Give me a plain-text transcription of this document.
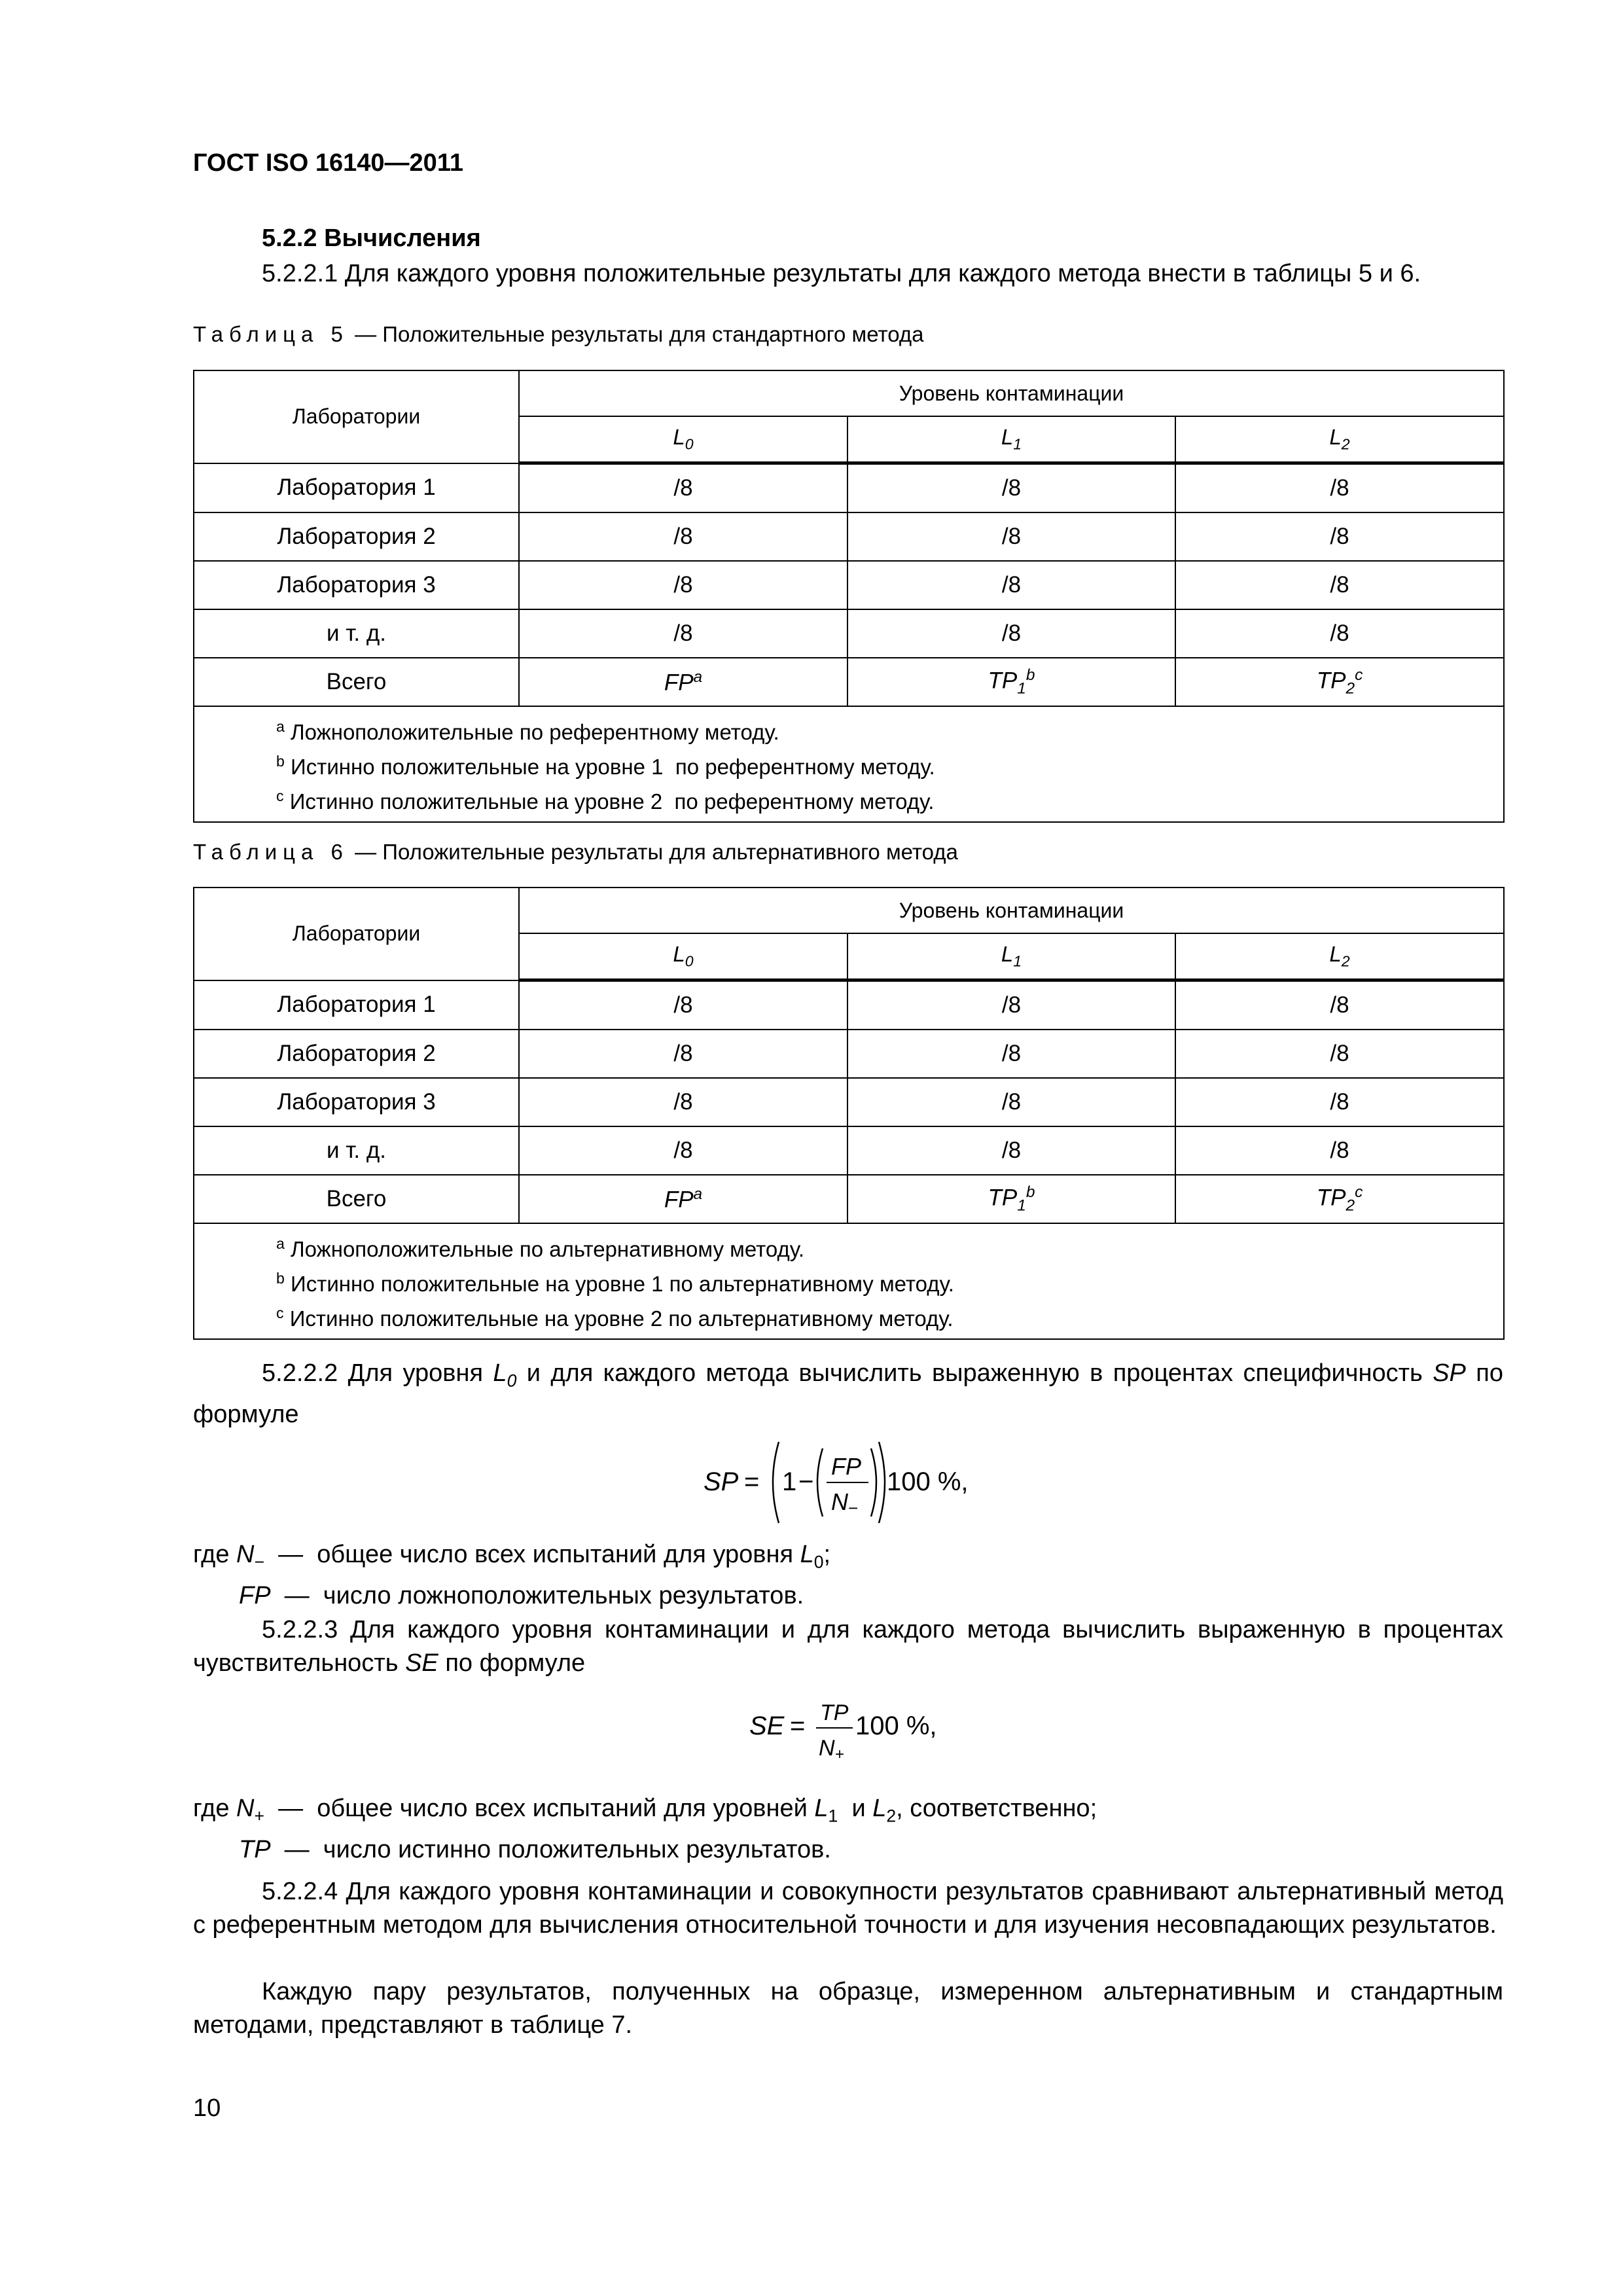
ГОСТ ISO 16140—2011
5.2.2 Вычисления
5.2.2.1 Для каждого уровня положительные результаты для каждого метода внести в таблицы 5 и 6.
Таблица 5 — Положительные результаты для стандартного метода
Лаборатории	Уровень контаминации		
	$L_0$	$L_1$	$L_2$
Лаборатория 1	/8	/8	/8
Лаборатория 2	/8	/8	/8
Лаборатория 3	/8	/8	/8
и т. д.	/8	/8	/8
Всего	$FP^a$	$TP_1^b$	$TP_2^c$

$^a$ Ложноположительные по референтному методу.
$^b$ Истинно положительные на уровне 1  по референтному методу.
$^c$ Истинно положительные на уровне 2  по референтному методу.			
Таблица 6 — Положительные результаты для альтернативного метода
Лаборатории	Уровень контаминации		
	$L_0$	$L_1$	$L_2$
Лаборатория 1	/8	/8	/8
Лаборатория 2	/8	/8	/8
Лаборатория 3	/8	/8	/8
и т. д.	/8	/8	/8
Всего	$FP^a$	$TP_1^b$	$TP_2^c$

$^a$ Ложноположительные по альтернативному методу.
$^b$ Истинно положительные на уровне 1 по альтернативному методу.
$^c$ Истинно положительные на уровне 2 по альтернативному методу.			
5.2.2.2 Для уровня $L_0$ и для каждого метода вычислить выраженную в процентах специфичность SP по формуле
SP = 1 −
FP
N −
100 %,
где $N_-$  —  общее число всех испытаний для уровня $L_0$;
FP  —  число ложноположительных результатов.
5.2.2.3 Для каждого уровня контаминации и для каждого метода вычислить выраженную в процентах чувствительность SE по формуле
SE = TP
N +
100 %,
где $N_+$  —  общее число всех испытаний для уровней $L_1$  и $L_2$, соответственно;
TP  —  число истинно положительных результатов.
5.2.2.4 Для каждого уровня контаминации и совокупности результатов сравнивают альтернативный метод с референтным методом для вычисления относительной точности и для изучения несовпадающих результатов.
Каждую пару результатов, полученных на образце, измеренном альтернативным и стандартным методами, представляют в таблице 7.
10
